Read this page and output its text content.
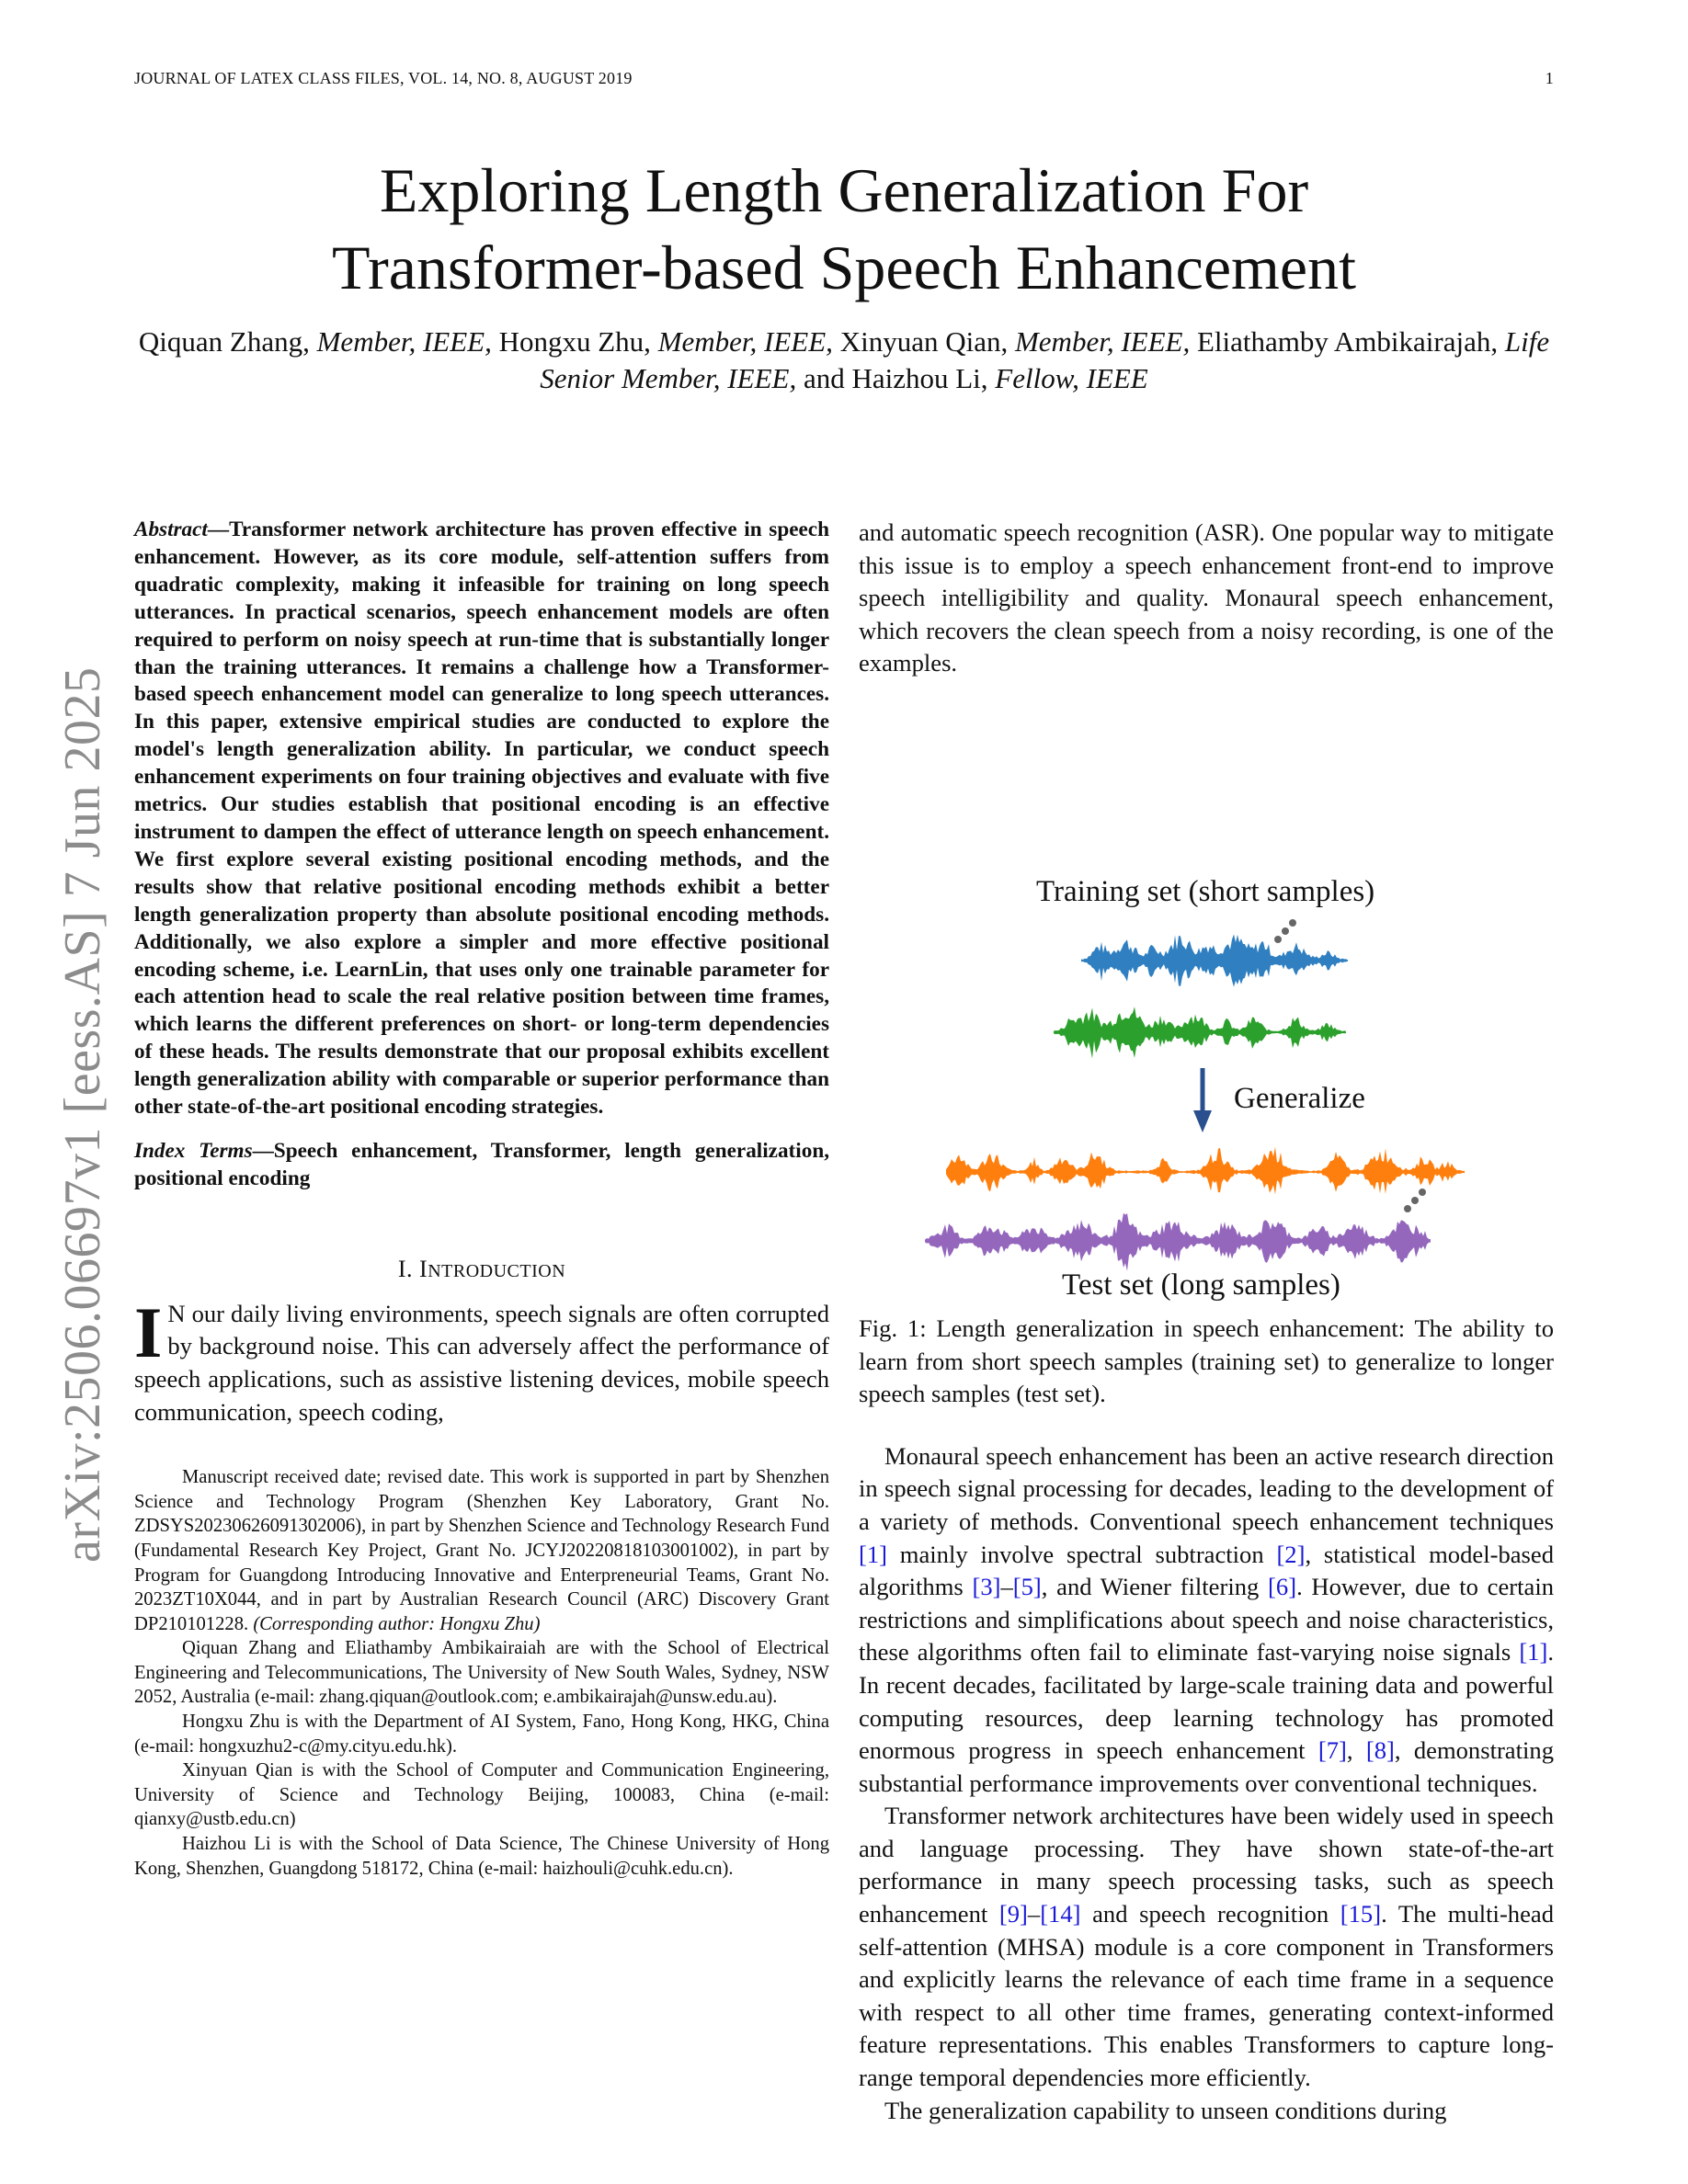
JOURNAL OF LATEX CLASS FILES, VOL. 14, NO. 8, AUGUST 2019	1
Exploring Length Generalization For
Transformer-based Speech Enhancement
Qiquan Zhang, Member, IEEE, Hongxu Zhu, Member, IEEE, Xinyuan Qian, Member, IEEE, Eliathamby Ambikairajah, Life Senior Member, IEEE, and Haizhou Li, Fellow, IEEE
arXiv:2506.06697v1 [eess.AS] 7 Jun 2025

Abstract—Transformer network architecture has proven effective in speech enhancement. However, as its core module, self-attention suffers from quadratic complexity, making it infeasible for training on long speech utterances. In practical scenarios, speech enhancement models are often required to perform on noisy speech at run-time that is substantially longer than the training utterances. It remains a challenge how a Transformer-based speech enhancement model can generalize to long speech utterances. In this paper, extensive empirical studies are conducted to explore the model's length generalization ability. In particular, we conduct speech enhancement experiments on four training objectives and evaluate with five metrics. Our studies establish that positional encoding is an effective instrument to dampen the effect of utterance length on speech enhancement. We first explore several existing positional encoding methods, and the results show that relative positional encoding methods exhibit a better length generalization property than absolute positional encoding methods. Additionally, we also explore a simpler and more effective positional encoding scheme, i.e. LearnLin, that uses only one trainable parameter for each attention head to scale the real relative position between time frames, which learns the different preferences on short- or long-term dependencies of these heads. The results demonstrate that our proposal exhibits excellent length generalization ability with comparable or superior performance than other state-of-the-art positional encoding strategies.

Index Terms—Speech enhancement, Transformer, length generalization, positional encoding

I. INTRODUCTION

I N our daily living environments, speech signals are often corrupted by background noise. This can adversely affect the performance of speech applications, such as assistive listening devices, mobile speech communication, speech coding,

Manuscript received date; revised date. This work is supported in part by Shenzhen Science and Technology Program (Shenzhen Key Laboratory, Grant No. ZDSYS20230626091302006), in part by Shenzhen Science and Technology Research Fund (Fundamental Research Key Project, Grant No. JCYJ20220818103001002), in part by Program for Guangdong Introducing Innovative and Enterpreneurial Teams, Grant No. 2023ZT10X044, and in part by Australian Research Council (ARC) Discovery Grant DP210101228. (Corresponding author: Hongxu Zhu)

Qiquan Zhang and Eliathamby Ambikairaiah are with the School of Electrical Engineering and Telecommunications, The University of New South Wales, Sydney, NSW 2052, Australia (e-mail: zhang.qiquan@outlook.com; e.ambikairajah@unsw.edu.au).

Hongxu Zhu is with the Department of AI System, Fano, Hong Kong, HKG, China (e-mail: hongxuzhu2-c@my.cityu.edu.hk).

Xinyuan Qian is with the School of Computer and Communication Engineering, University of Science and Technology Beijing, 100083, China (e-mail: qianxy@ustb.edu.cn)

Haizhou Li is with the School of Data Science, The Chinese University of Hong Kong, Shenzhen, Guangdong 518172, China (e-mail: haizhouli@cuhk.edu.cn).

and automatic speech recognition (ASR). One popular way to mitigate this issue is to employ a speech enhancement front-end to improve speech intelligibility and quality. Monaural speech enhancement, which recovers the clean speech from a noisy recording, is one of the examples.

Training set (short samples)
Generalize
Test set (long samples)

Fig. 1: Length generalization in speech enhancement: The ability to learn from short speech samples (training set) to generalize to longer speech samples (test set).

Monaural speech enhancement has been an active research direction in speech signal processing for decades, leading to the development of a variety of methods. Conventional speech enhancement techniques [1] mainly involve spectral subtraction [2], statistical model-based algorithms [3]–[5], and Wiener filtering [6]. However, due to certain restrictions and simplifications about speech and noise characteristics, these algorithms often fail to eliminate fast-varying noise signals [1]. In recent decades, facilitated by large-scale training data and powerful computing resources, deep learning technology has promoted enormous progress in speech enhancement [7], [8], demonstrating substantial performance improvements over conventional techniques.

Transformer network architectures have been widely used in speech and language processing. They have shown state-of-the-art performance in many speech processing tasks, such as speech enhancement [9]–[14] and speech recognition [15]. The multi-head self-attention (MHSA) module is a core component in Transformers and explicitly learns the relevance of each time frame in a sequence with respect to all other time frames, generating context-informed feature representations. This enables Transformers to capture long-range temporal dependencies more efficiently.

The generalization capability to unseen conditions during
